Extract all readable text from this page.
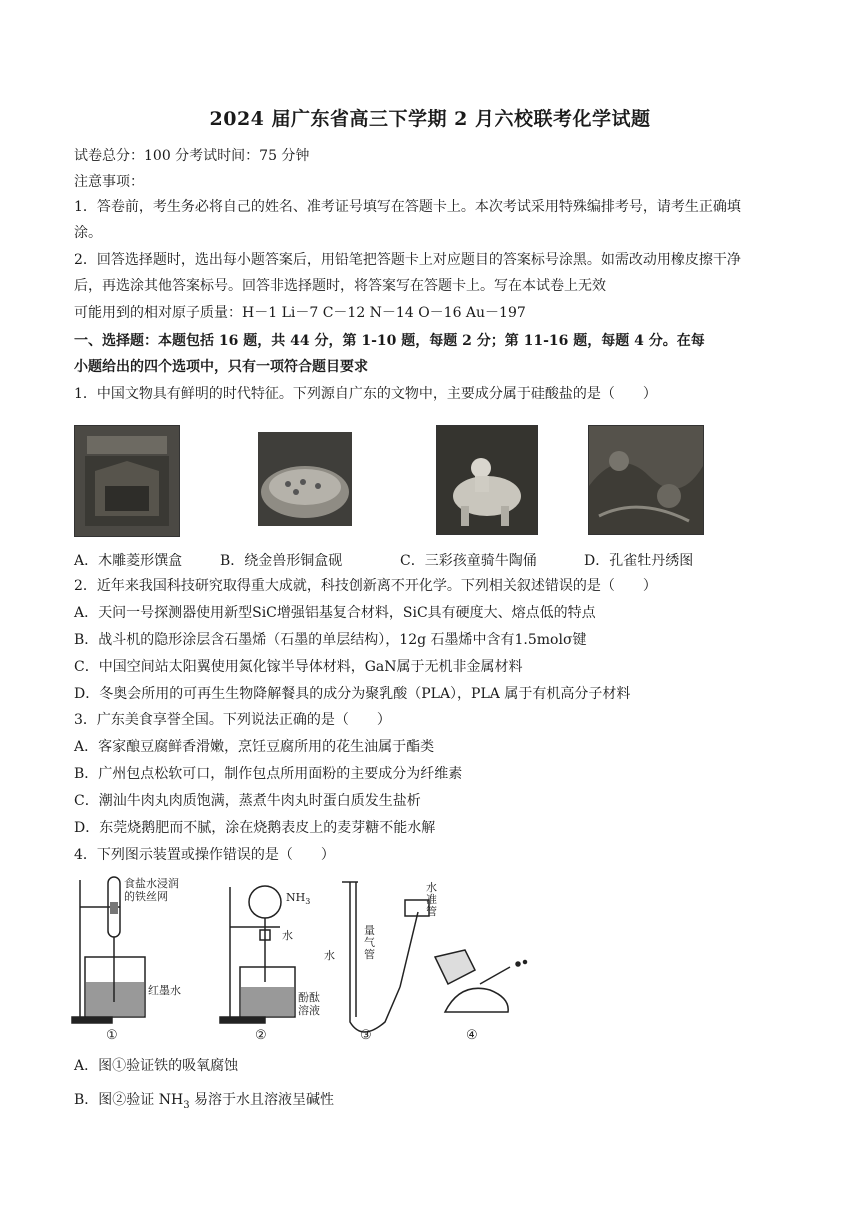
2024 届广东省高三下学期 2 月六校联考化学试题
试卷总分：100 分考试时间：75 分钟
注意事项：
1．答卷前，考生务必将自己的姓名、准考证号填写在答题卡上。本次考试采用特殊编排考号，请考生正确填
涂。
2．回答选择题时，选出每小题答案后，用铅笔把答题卡上对应题目的答案标号涂黑。如需改动用橡皮擦干净
后，再选涂其他答案标号。回答非选择题时，将答案写在答题卡上。写在本试卷上无效
可能用到的相对原子质量：H－1 Li－7 C－12 N－14 O－16 Au－197
一、选择题：本题包括 16 题，共 44 分，第 1-10 题，每题 2 分；第 11-16 题，每题 4 分。在每
小题给出的四个选项中，只有一项符合题目要求
1．中国文物具有鲜明的时代特征。下列源自广东的文物中，主要成分属于硅酸盐的是（　　）
A．木雕菱形馔盒	B．绕金兽形铜盒砚	C．三彩孩童骑牛陶俑	D．孔雀牡丹绣图
2．近年来我国科技研究取得重大成就，科技创新离不开化学。下列相关叙述错误的是（　　）
A．天问一号探测器使用新型SiC增强铝基复合材料，SiC具有硬度大、熔点低的特点
B．战斗机的隐形涂层含石墨烯（石墨的单层结构），12g 石墨烯中含有1.5molσ键
C．中国空间站太阳翼使用氮化镓半导体材料，GaN属于无机非金属材料
D．冬奥会所用的可再生生物降解餐具的成分为聚乳酸（PLA），PLA 属于有机高分子材料
3．广东美食享誉全国。下列说法正确的是（　　）
A．客家酿豆腐鲜香滑嫩，烹饪豆腐所用的花生油属于酯类
B．广州包点松软可口，制作包点所用面粉的主要成分为纤维素
C．潮汕牛肉丸肉质饱满，蒸煮牛肉丸时蛋白质发生盐析
D．东莞烧鹅肥而不腻，涂在烧鹅表皮上的麦芽糖不能水解
4．下列图示装置或操作错误的是（　　）
食盐水浸润
的铁丝网
红墨水
$NH_3$
水
酚酞
溶液
水
量气管
水准管
①	②	③	④
A．图①验证铁的吸氧腐蚀
B．图②验证 $NH_3$ 易溶于水且溶液呈碱性
